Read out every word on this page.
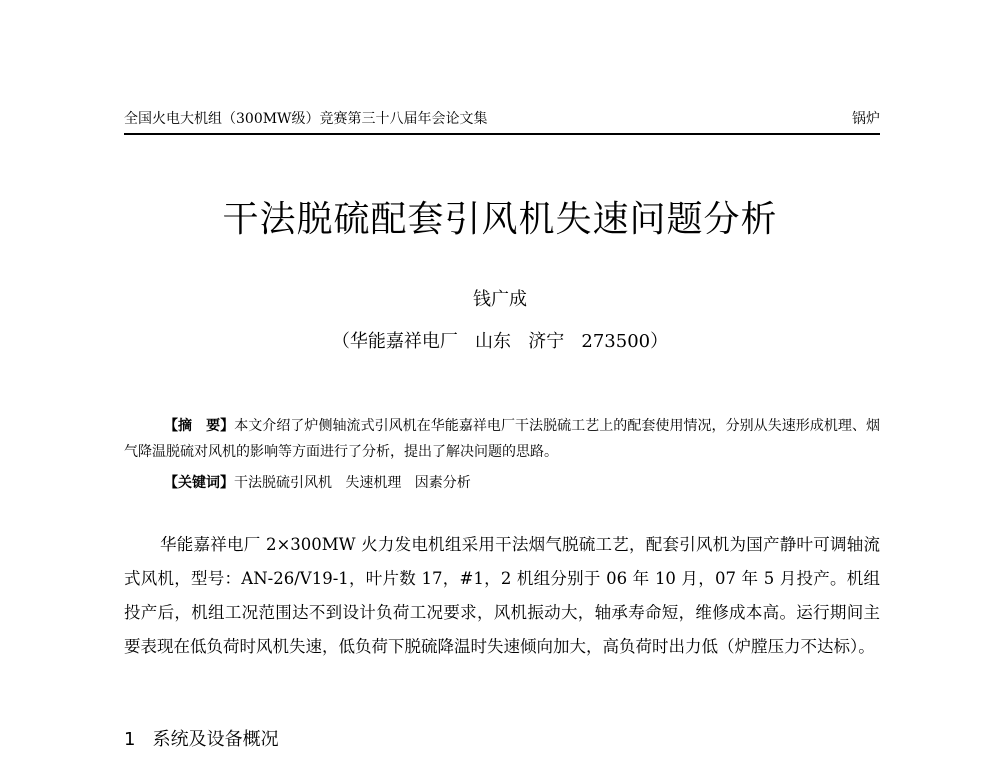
全国火电大机组（300MW级）竞赛第三十八届年会论文集	锅炉
干法脱硫配套引风机失速问题分析
钱广成
（华能嘉祥电厂   山东   济宁   273500）
【摘　要】本文介绍了炉侧轴流式引风机在华能嘉祥电厂干法脱硫工艺上的配套使用情况，分别从失速形成机理、烟气降温脱硫对风机的影响等方面进行了分析，提出了解决问题的思路。
【关键词】干法脱硫引风机   失速机理   因素分析
华能嘉祥电厂 2×300MW 火力发电机组采用干法烟气脱硫工艺，配套引风机为国产静叶可调轴流式风机，型号：AN-26/V19-1，叶片数 17，#1，2 机组分别于 06 年 10 月，07 年 5 月投产。机组投产后，机组工况范围达不到设计负荷工况要求，风机振动大，轴承寿命短，维修成本高。运行期间主要表现在低负荷时风机失速，低负荷下脱硫降温时失速倾向加大，高负荷时出力低（炉膛压力不达标）。
1   系统及设备概况
